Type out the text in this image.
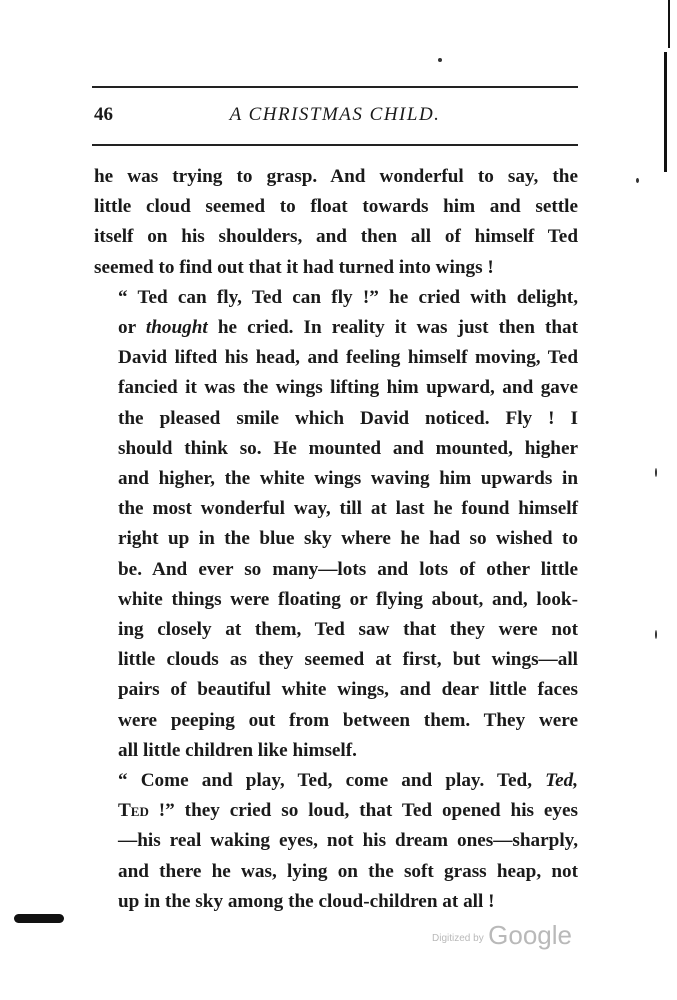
46	A CHRISTMAS CHILD.

he was trying to grasp. And wonderful to say, the
little cloud seemed to float towards him and settle
itself on his shoulders, and then all of himself Ted
seemed to find out that it had turned into wings !

“ Ted can fly, Ted can fly !” he cried with delight,
or thought he cried. In reality it was just then that
David lifted his head, and feeling himself moving, Ted
fancied it was the wings lifting him upward, and gave
the pleased smile which David noticed. Fly ! I
should think so. He mounted and mounted, higher
and higher, the white wings waving him upwards in
the most wonderful way, till at last he found himself
right up in the blue sky where he had so wished to
be. And ever so many—lots and lots of other little
white things were floating or flying about, and, look-
ing closely at them, Ted saw that they were not
little clouds as they seemed at first, but wings—all
pairs of beautiful white wings, and dear little faces
were peeping out from between them. They were
all little children like himself.

“ Come and play, Ted, come and play. Ted, Ted,
Ted !” they cried so loud, that Ted opened his eyes
—his real waking eyes, not his dream ones—sharply,
and there he was, lying on the soft grass heap, not
up in the sky among the cloud-children at all !

Digitized by Google
